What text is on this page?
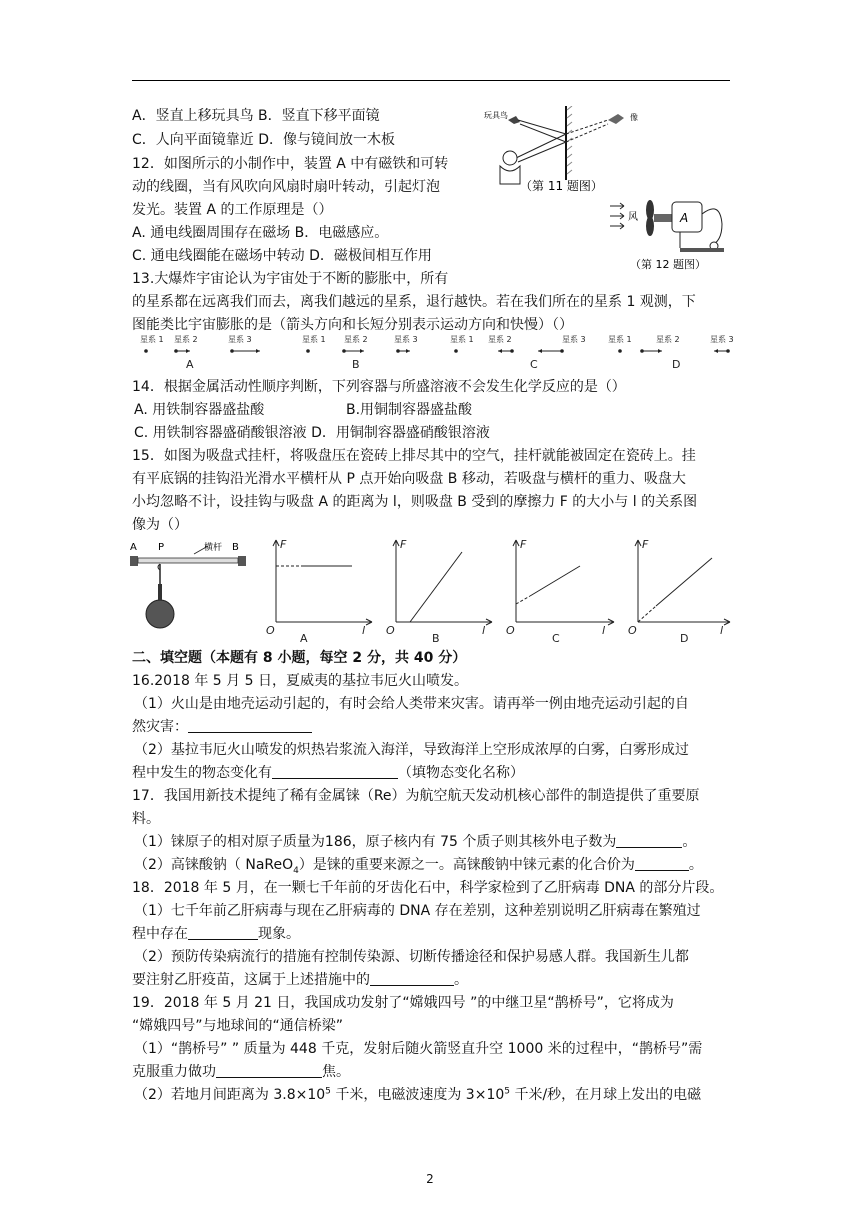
A．竖直上移玩具鸟 B．竖直下移平面镜
C．人向平面镜靠近 D．像与镜间放一木板
玩具鸟	像
（第 11 题图）
12．如图所示的小制作中，装置 A 中有磁铁和可转
动的线圈，当有风吹向风扇时扇叶转动，引起灯泡
发光。装置 A 的工作原理是（）
A. 通电线圈周围存在磁场 B．电磁感应。
C. 通电线圈能在磁场中转动 D．磁极间相互作用
风	A
（第 12 题图）
13.大爆炸宇宙论认为宇宙处于不断的膨胀中，所有
的星系都在远离我们而去，离我们越远的星系，退行越快。若在我们所在的星系 1 观测，下
图能类比宇宙膨胀的是（箭头方向和长短分别表示运动方向和快慢）（）
星系 1 星系 2	星系 3
A
星系 1 星系 2	星系 3
B
星系 1 星系 2	星系 3
C
星系 1	星系 2	星系 3
D
14．根据金属活动性顺序判断，下列容器与所盛溶液不会发生化学反应的是（）
A. 用铁制容器盛盐酸	B.用铜制容器盛盐酸
C. 用铁制容器盛硝酸银溶液 D．用铜制容器盛硝酸银溶液
15．如图为吸盘式挂杆，将吸盘压在瓷砖上排尽其中的空气，挂杆就能被固定在瓷砖上。挂
有平底锅的挂钩沿光滑水平横杆从 P 点开始向吸盘 B 移动，若吸盘与横杆的重力、吸盘大
小均忽略不计，设挂钩与吸盘 A 的距离为 l，则吸盘 B 受到的摩擦力 F 的大小与 l 的关系图
像为（）
A P	横杆 B	F
O	l
F
O	l
F
O	l
F
O	l
A	B	C	D
二、填空题（本题有 8 小题，每空 2 分，共 40 分）
16.2018 年 5 月 5 日，夏威夷的基拉韦厄火山喷发。
（1）火山是由地壳运动引起的，有时会给人类带来灾害。请再举一例由地壳运动引起的自
然灾害：
（2）基拉韦厄火山喷发的炽热岩浆流入海洋，导致海洋上空形成浓厚的白雾，白雾形成过
程中发生的物态变化有	（填物态变化名称）
17．我国用新技术提纯了稀有金属铼（Re）为航空航天发动机核心部件的制造提供了重要原
料。
（1）铼原子的相对原子质量为186，原子核内有 75 个质子则其核外电子数为	。
（2）高铼酸钠（ NaReO$_4$）是铼的重要来源之一。高铼酸钠中铼元素的化合价为	。
18．2018 年 5 月，在一颗七千年前的牙齿化石中，科学家检到了乙肝病毒 DNA 的部分片段。
（1）七千年前乙肝病毒与现在乙肝病毒的 DNA 存在差别，这种差别说明乙肝病毒在繁殖过
程中存在	现象。
（2）预防传染病流行的措施有控制传染源、切断传播途径和保护易感人群。我国新生儿都
要注射乙肝疫苗，这属于上述措施中的	。
19．2018 年 5 月 21 日，我国成功发射了“嫦娥四号 ”的中继卫星“鹊桥号”，它将成为
“嫦娥四号”与地球间的“通信桥梁”
（1）“鹊桥号” ” 质量为 448 千克，发射后随火箭竖直升空 1000 米的过程中，“鹊桥号”需
克服重力做功	焦。
（2）若地月间距离为 $3.8\times 10^5$ 千米，电磁波速度为 $3\times 10^5$ 千米/秒，在月球上发出的电磁
2
